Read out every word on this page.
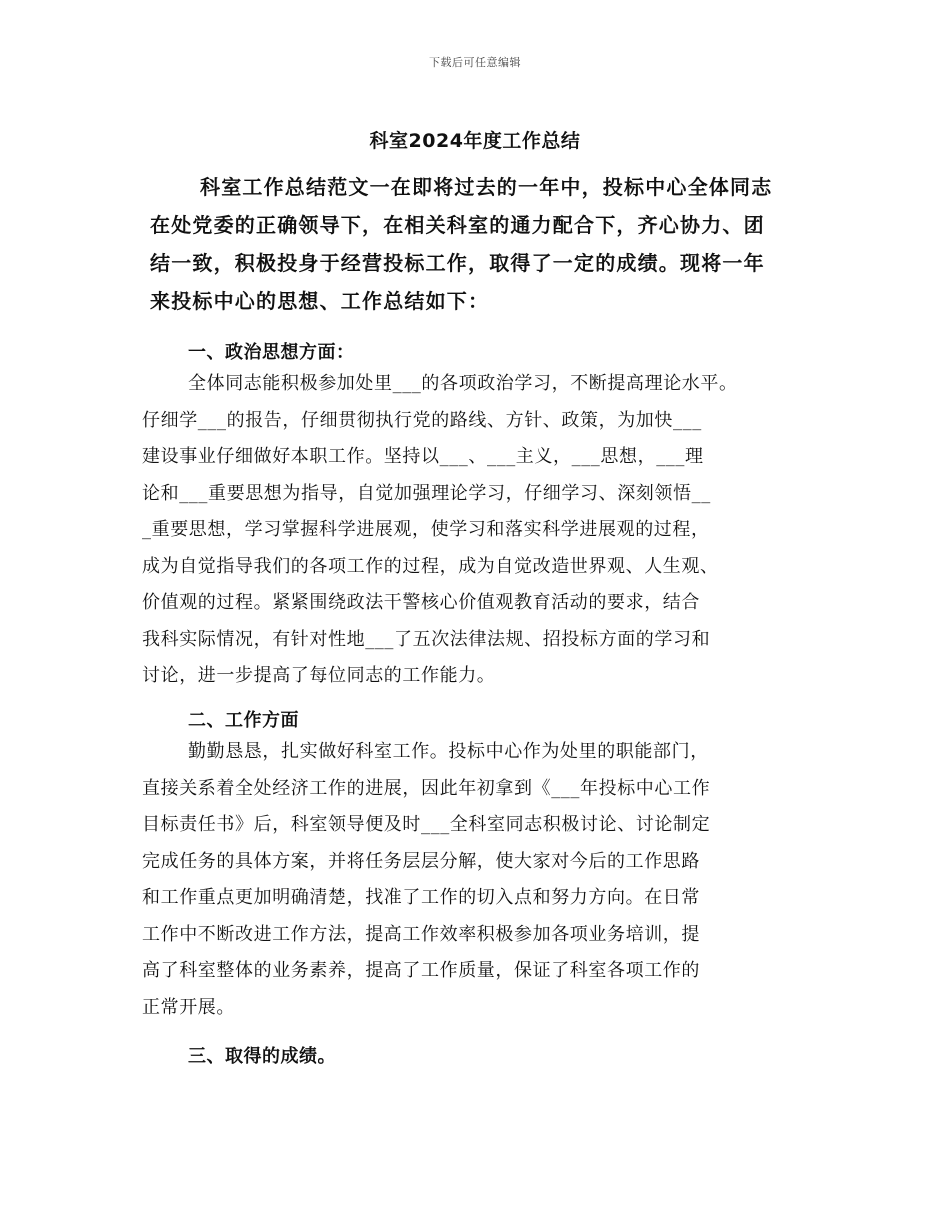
下载后可任意编辑
科室2024年度工作总结
科室工作总结范文一在即将过去的一年中，投标中心全体同志
在处党委的正确领导下，在相关科室的通力配合下，齐心协力、团
结一致，积极投身于经营投标工作，取得了一定的成绩。现将一年
来投标中心的思想、工作总结如下：
一、政治思想方面：
全体同志能积极参加处里___的各项政治学习，不断提高理论水平。
仔细学___的报告，仔细贯彻执行党的路线、方针、政策，为加快___
建设事业仔细做好本职工作。坚持以___、___主义，___思想，___理
论和___重要思想为指导，自觉加强理论学习，仔细学习、深刻领悟__
_重要思想，学习掌握科学进展观，使学习和落实科学进展观的过程，
成为自觉指导我们的各项工作的过程，成为自觉改造世界观、人生观、
价值观的过程。紧紧围绕政法干警核心价值观教育活动的要求，结合
我科实际情况，有针对性地___了五次法律法规、招投标方面的学习和
讨论，进一步提高了每位同志的工作能力。
二、工作方面
勤勤恳恳，扎实做好科室工作。投标中心作为处里的职能部门，
直接关系着全处经济工作的进展，因此年初拿到《___年投标中心工作
目标责任书》后，科室领导便及时___全科室同志积极讨论、讨论制定
完成任务的具体方案，并将任务层层分解，使大家对今后的工作思路
和工作重点更加明确清楚，找准了工作的切入点和努力方向。在日常
工作中不断改进工作方法，提高工作效率积极参加各项业务培训，提
高了科室整体的业务素养，提高了工作质量，保证了科室各项工作的
正常开展。
三、取得的成绩。
